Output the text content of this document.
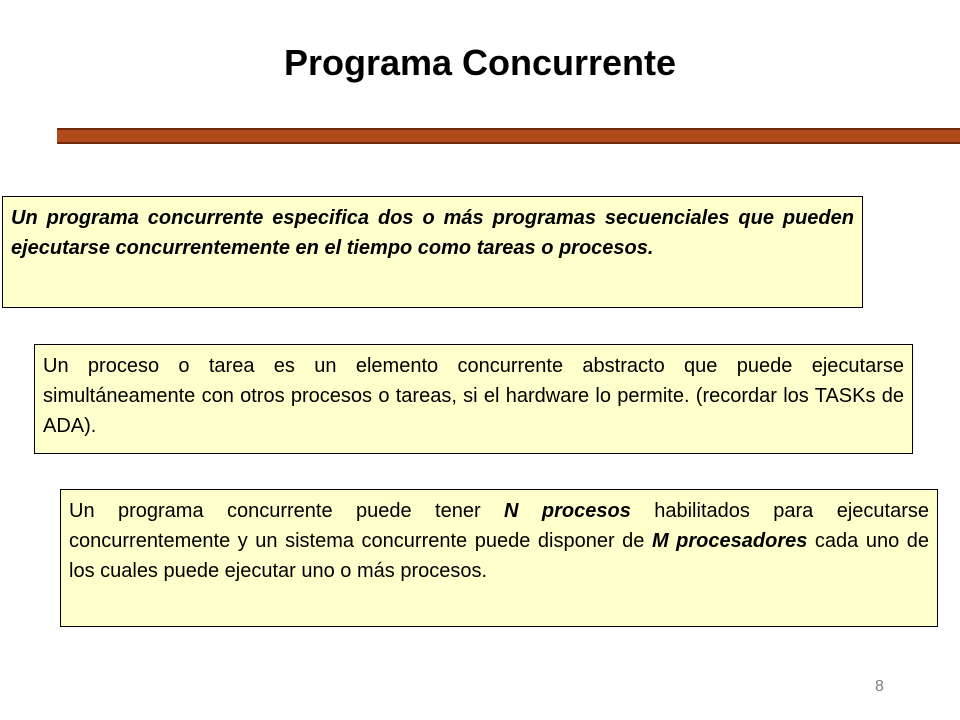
Programa Concurrente
Un programa concurrente especifica dos o más programas secuenciales que pueden ejecutarse concurrentemente en el tiempo como tareas o procesos.
Un proceso o tarea es un elemento concurrente abstracto que puede ejecutarse simultáneamente con otros procesos o tareas, si el hardware lo permite. (recordar los TASKs de ADA).
Un programa concurrente puede tener N procesos habilitados para ejecutarse concurrentemente y un sistema concurrente puede disponer de M procesadores cada uno de los cuales puede ejecutar uno o más procesos.
8
